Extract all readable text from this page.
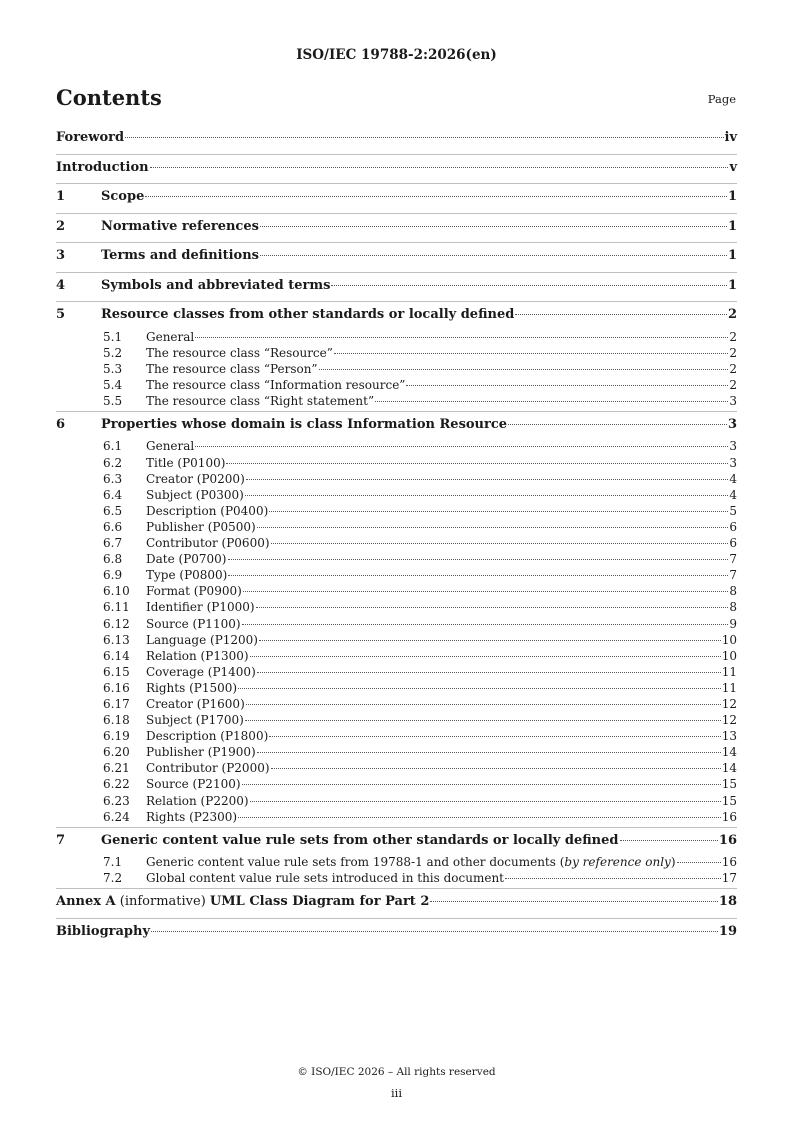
ISO/IEC 19788-2:2026(en)
Contents	Page
Foreword	iv
Introduction	v
1	Scope	1
2	Normative references	1
3	Terms and definitions	1
4	Symbols and abbreviated terms	1
5	Resource classes from other standards or locally defined	2
5.1	General	2
5.2	The resource class “Resource”	2
5.3	The resource class “Person”	2
5.4	The resource class “Information resource”	2
5.5	The resource class “Right statement”	3
6	Properties whose domain is class Information Resource	3
6.1	General	3
6.2	Title (P0100)	3
6.3	Creator (P0200)	4
6.4	Subject (P0300)	4
6.5	Description (P0400)	5
6.6	Publisher (P0500)	6
6.7	Contributor (P0600)	6
6.8	Date (P0700)	7
6.9	Type (P0800)	7
6.10	Format (P0900)	8
6.11	Identifier (P1000)	8
6.12	Source (P1100)	9
6.13	Language (P1200)	10
6.14	Relation (P1300)	10
6.15	Coverage (P1400)	11
6.16	Rights (P1500)	11
6.17	Creator (P1600)	12
6.18	Subject (P1700)	12
6.19	Description (P1800)	13
6.20	Publisher (P1900)	14
6.21	Contributor (P2000)	14
6.22	Source (P2100)	15
6.23	Relation (P2200)	15
6.24	Rights (P2300)	16
7	Generic content value rule sets from other standards or locally defined	16
7.1	Generic content value rule sets from 19788-1 and other documents (by reference only)	16
7.2	Global content value rule sets introduced in this document	17
Annex A (informative) UML Class Diagram for Part 2	18
Bibliography	19
© ISO/IEC 2026 – All rights reserved
iii
